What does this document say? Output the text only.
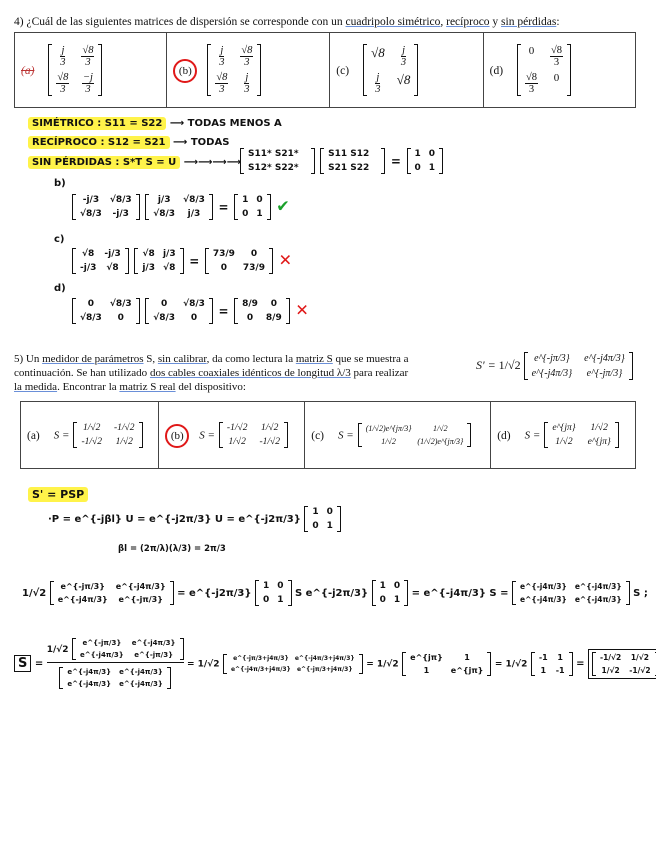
4) ¿Cuál de las siguientes matrices de dispersión se corresponde con un cuadripolo simétrico, recíproco y sin pérdidas:
(a)
$\frac{j}{3} \frac{√8}{3}$
$\frac{√8}{3} \frac{-j}{3}$
	(b)
$\frac{j}{3} \frac{√8}{3}$
$\frac{√8}{3} \frac{j}{3}$
	(c)
$√8 \frac{j}{3}$
$\frac{j}{3} √8$
	(d)
0	$\frac{√8}{3}$
$\frac{√8}{3}$	0
SIMÉTRICO : S11 = S22 ⟶ TODAS MENOS A
RECÍPROCO : S12 = S21 ⟶ TODAS
SIN PÉRDIDAS : S*T S = U ⟶⟶⟶⟶
S11* S21*
S12* S22*

S11 S12
S21 S22 =
1 0
0 1
b)
-j/3	√8/3
√8/3	-j/3

j/3	√8/3
√8/3	j/3	=
1 0
0 1 ✔
c)
√8 -j/3
-j/3 √8

√8 j/3
j/3 √8 =
73/9	0
0	73/9 ✕
d)
0	√8/3
√8/3	0

0	√8/3
√8/3	0	=
8/9	0
0	8/9 ✕
5) Un medidor de parámetros S, sin calibrar, da como lectura la matriz S que se muestra a
continuación. Se han utilizado dos cables coaxiales idénticos de longitud λ/3 para realizar
la medida. Encontrar la matriz S real del dispositivo:
S' = 1/√2 e^{-jπ/3} e^{-j4π/3}
e^{-j4π/3} e^{-jπ/3}
(a) S =
1/√2 -1/√2
-1/√2 1/√2
	(b) S =
-1/√2 1/√2
1/√2 -1/√2
	(c) S =
(1/√2)e^{jπ/3}	1/√2
1/√2	(1/√2)e^{jπ/3}	(d) S =
e^{jπ}	1/√2
1/√2	e^{jπ}
S' = PSP
·P = e^{-jβl} U = e^{-j2π/3} U = e^{-j2π/3}
1 0
0 1
βl = (2π/λ)(λ/3) = 2π/3
1/√2
e^{-jπ/3}	e^{-j4π/3}
e^{-j4π/3}	e^{-jπ/3}
= e^{-j2π/3}
1 0
0 1
S e^{-j2π/3}
1 0
0 1
= e^{-j4π/3} S =
e^{-j4π/3} e^{-j4π/3}
e^{-j4π/3} e^{-j4π/3}
S ;
S = 1/√2
e^{-jπ/3}	e^{-j4π/3}
e^{-j4π/3}	e^{-jπ/3}
e^{-j4π/3} e^{-j4π/3}
e^{-j4π/3} e^{-j4π/3} = 1/√2
e^{-jπ/3+j4π/3}	e^{-j4π/3+j4π/3}
e^{-j4π/3+j4π/3}	e^{-jπ/3+j4π/3} = 1/√2
e^{jπ}	1
1	e^{jπ}
= 1/√2
-1 1
1 -1
=
-1/√2 1/√2
1/√2 -1/√2
